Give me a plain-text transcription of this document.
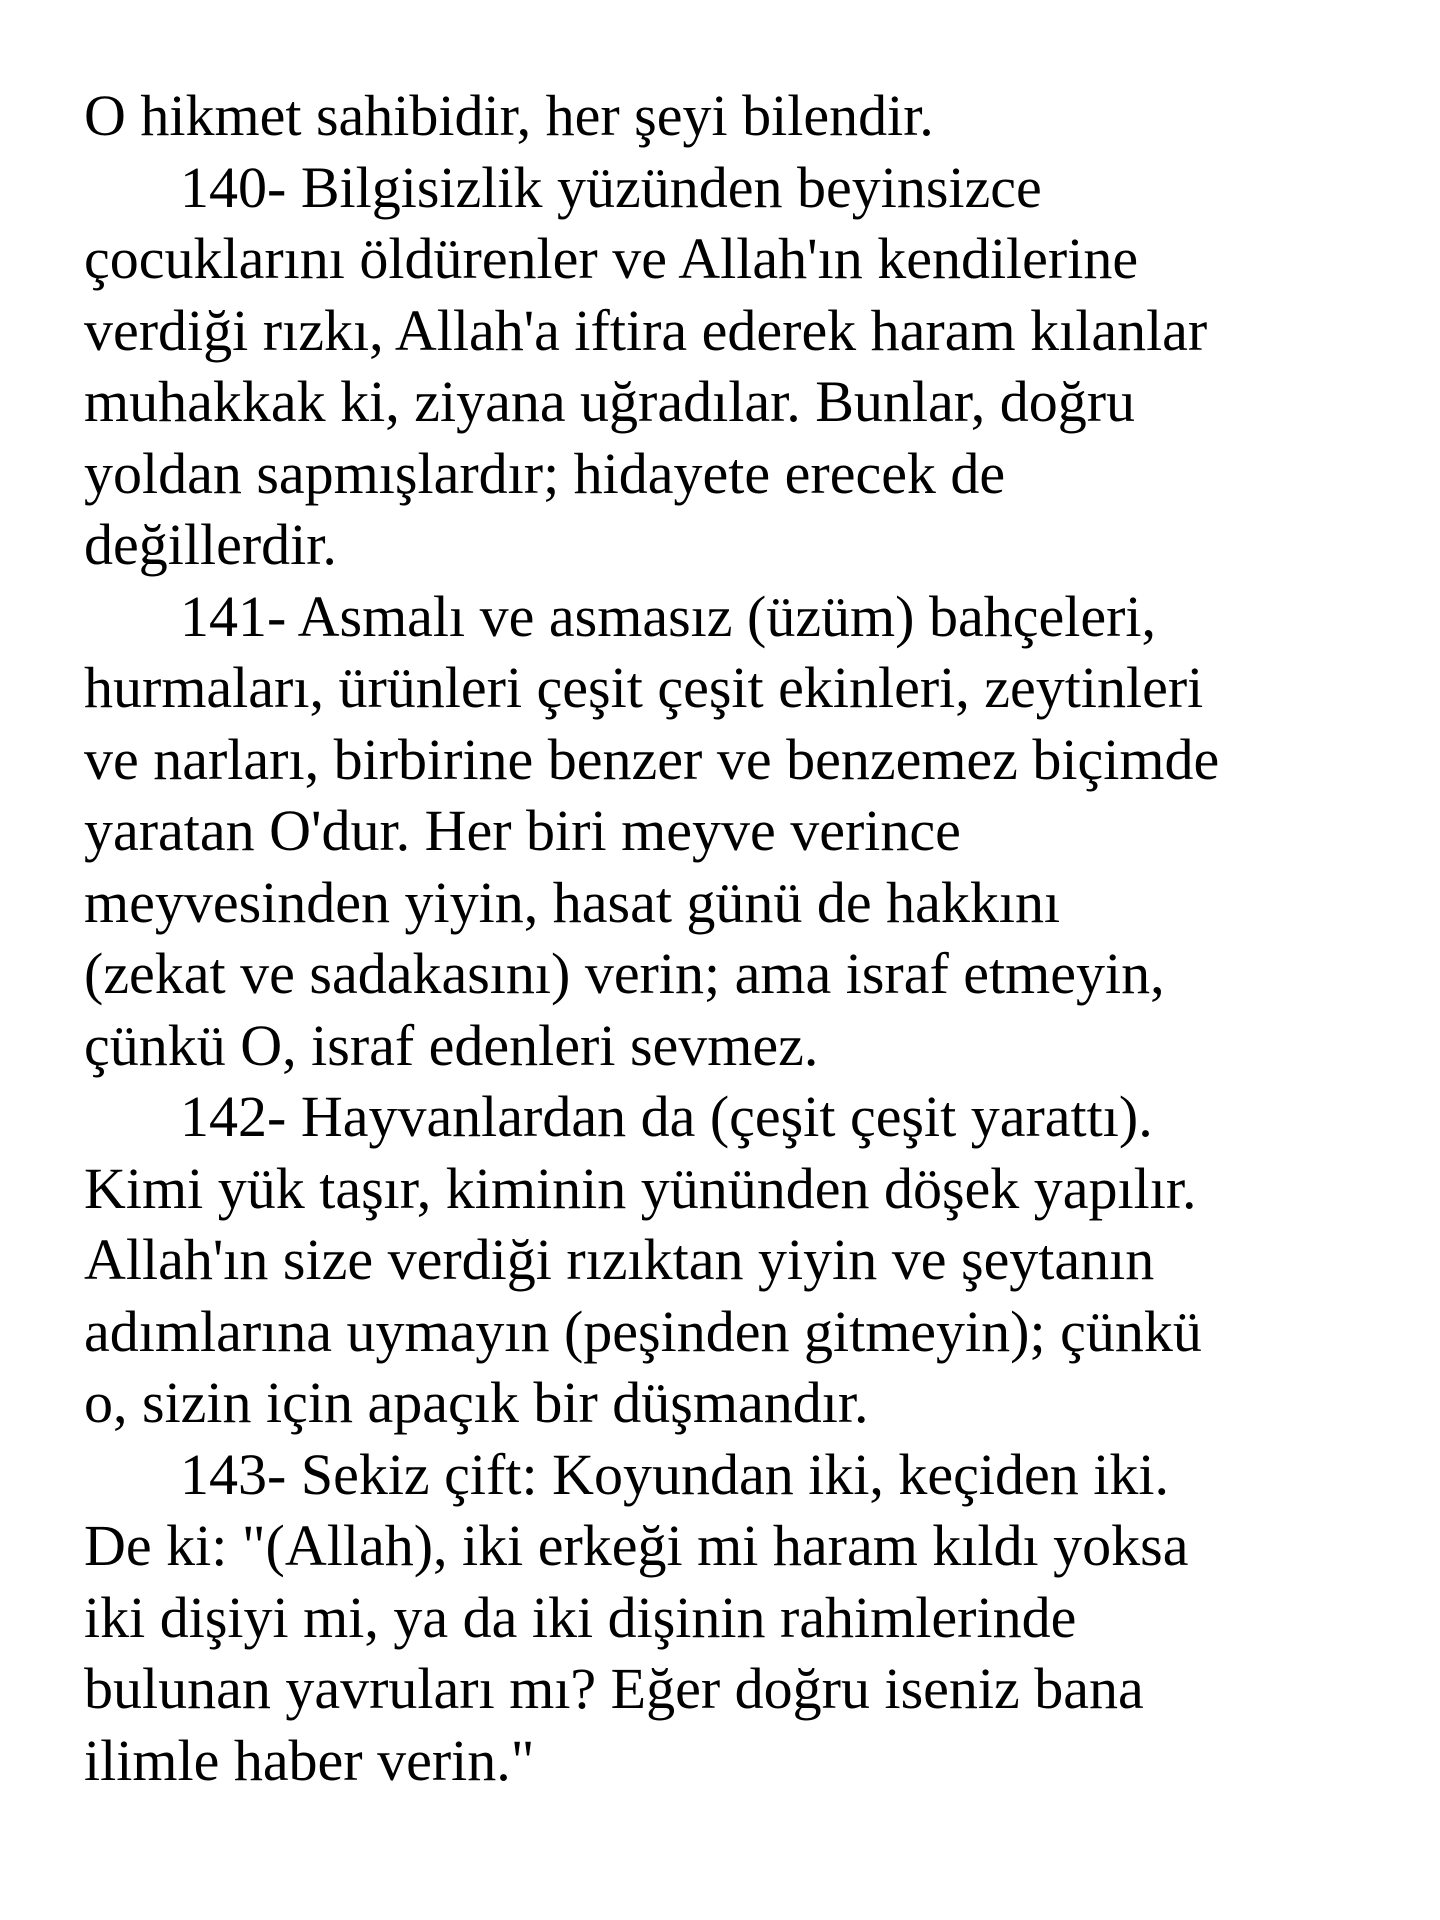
O hikmet sahibidir, her şeyi bilendir.
140- Bilgisizlik yüzünden beyinsizce
çocuklarını öldürenler ve Allah'ın kendilerine
verdiği rızkı, Allah'a iftira ederek haram kılanlar
muhakkak ki, ziyana uğradılar. Bunlar, doğru
yoldan sapmışlardır; hidayete erecek de
değillerdir.
141- Asmalı ve asmasız (üzüm) bahçeleri,
hurmaları, ürünleri çeşit çeşit ekinleri, zeytinleri
ve narları, birbirine benzer ve benzemez biçimde
yaratan O'dur. Her biri meyve verince
meyvesinden yiyin, hasat günü de hakkını
(zekat ve sadakasını) verin; ama israf etmeyin,
çünkü O, israf edenleri sevmez.
142- Hayvanlardan da (çeşit çeşit yarattı).
Kimi yük taşır, kiminin yününden döşek yapılır.
Allah'ın size verdiği rızıktan yiyin ve şeytanın
adımlarına uymayın (peşinden gitmeyin); çünkü
o, sizin için apaçık bir düşmandır.
143- Sekiz çift: Koyundan iki, keçiden iki.
De ki: "(Allah), iki erkeği mi haram kıldı yoksa
iki dişiyi mi, ya da iki dişinin rahimlerinde
bulunan yavruları mı? Eğer doğru iseniz bana
ilimle haber verin."
